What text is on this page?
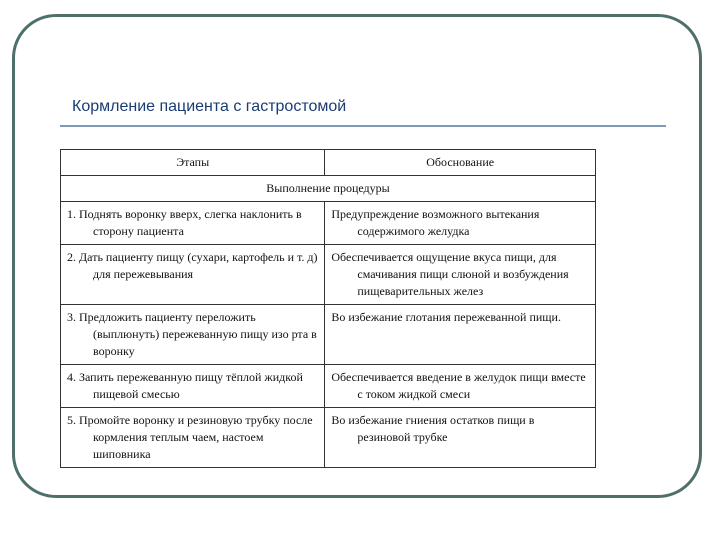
Кормление пациента с гастростомой
Этапы	Обоснование
Выполнение процедуры	

1. Поднять воронку вверх, слегка наклонить в сторону пациента	Предупреждение возможного вытекания содержимого желудка

2. Дать пациенту пищу (сухари, картофель и т. д) для пережевывания	Обеспечивается ощущение вкуса пищи, для смачивания пищи слюной и возбуждения пищеварительных желез

3. Предложить пациенту переложить (выплюнуть) пережеванную пищу изо рта в воронку	Во избежание глотания пережеванной пищи.

4. Запить пережеванную пищу тёплой жидкой пищевой смесью	Обеспечивается введение в желудок пищи вместе с током жидкой смеси

5. Промойте воронку и резиновую трубку после кормления теплым чаем, настоем шиповника	Во избежание гниения остатков пищи в резиновой трубке
